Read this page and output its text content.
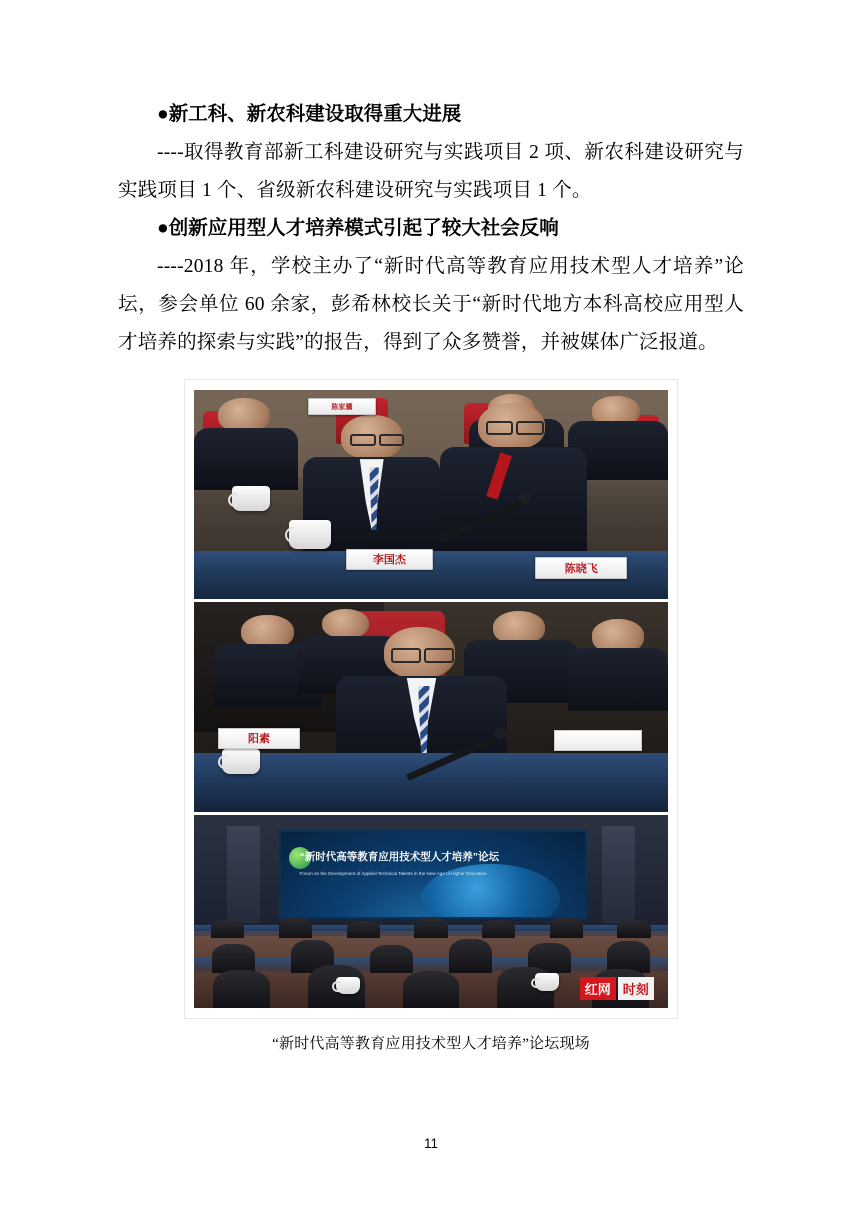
●新工科、新农科建设取得重大进展

----取得教育部新工科建设研究与实践项目 2 项、新农科建设研究与实践项目 1 个、省级新农科建设研究与实践项目 1 个。

●创新应用型人才培养模式引起了较大社会反响

----2018 年，学校主办了“新时代高等教育应用技术型人才培养”论坛，参会单位 60 余家，彭希林校长关于“新时代地方本科高校应用型人才培养的探索与实践”的报告，得到了众多赞誉，并被媒体广泛报道。

陈家骥
李国杰
陈晓飞
阳素
“新时代高等教育应用技术型人才培养”论坛
Forum on the Development of Applied Technical Talents in the New Age of Higher Education
红网 时刻
“新时代高等教育应用技术型人才培养”论坛现场
11
